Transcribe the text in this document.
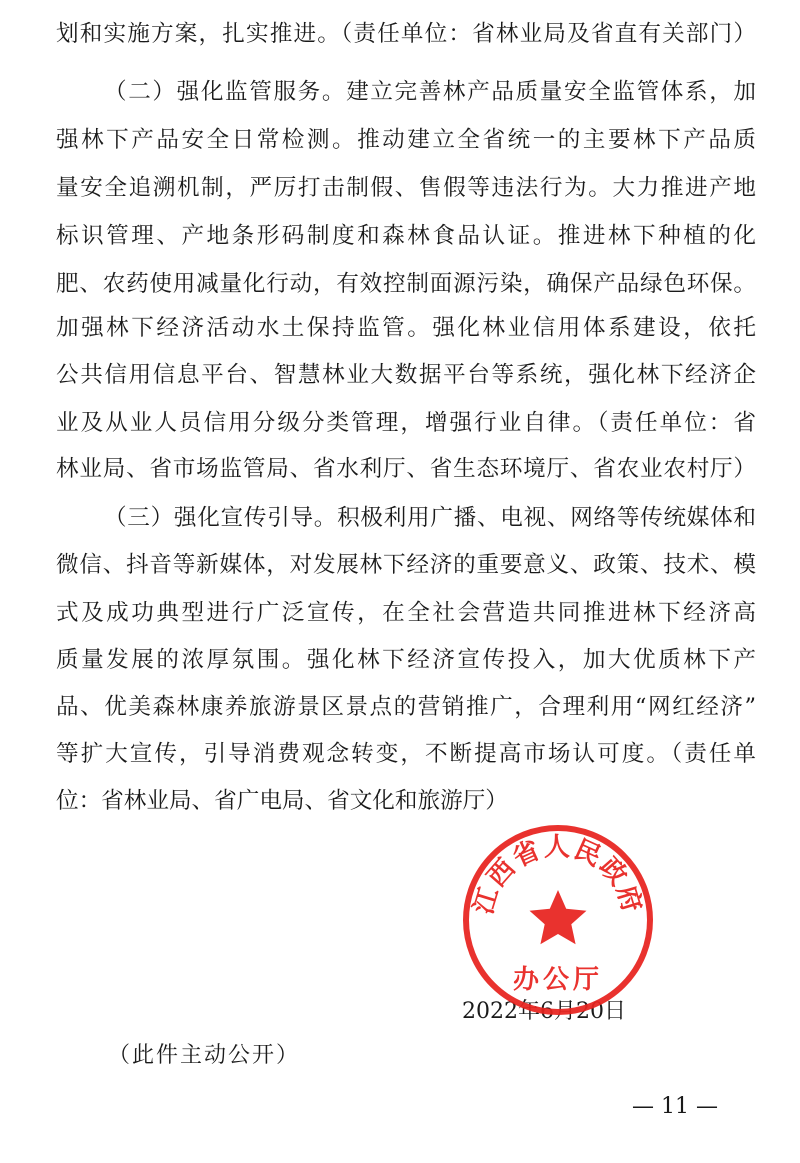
划和实施方案，扎实推进。（责任单位：省林业局及省直有关部门）
（二）强化监管服务。建立完善林产品质量安全监管体系，加
强林下产品安全日常检测。推动建立全省统一的主要林下产品质
量安全追溯机制，严厉打击制假、售假等违法行为。大力推进产地
标识管理、产地条形码制度和森林食品认证。推进林下种植的化
肥、农药使用减量化行动，有效控制面源污染，确保产品绿色环保。
加强林下经济活动水土保持监管。强化林业信用体系建设，依托
公共信用信息平台、智慧林业大数据平台等系统，强化林下经济企
业及从业人员信用分级分类管理，增强行业自律。（责任单位：省
林业局、省市场监管局、省水利厅、省生态环境厅、省农业农村厅）
（三）强化宣传引导。积极利用广播、电视、网络等传统媒体和
微信、抖音等新媒体，对发展林下经济的重要意义、政策、技术、模
式及成功典型进行广泛宣传，在全社会营造共同推进林下经济高
质量发展的浓厚氛围。强化林下经济宣传投入，加大优质林下产
品、优美森林康养旅游景区景点的营销推广，合理利用“网红经济”
等扩大宣传，引导消费观念转变，不断提高市场认可度。（责任单
位：省林业局、省广电局、省文化和旅游厅）
江西省人民政府
办公厅
2022年6月20日
（此件主动公开）
— 11 —
